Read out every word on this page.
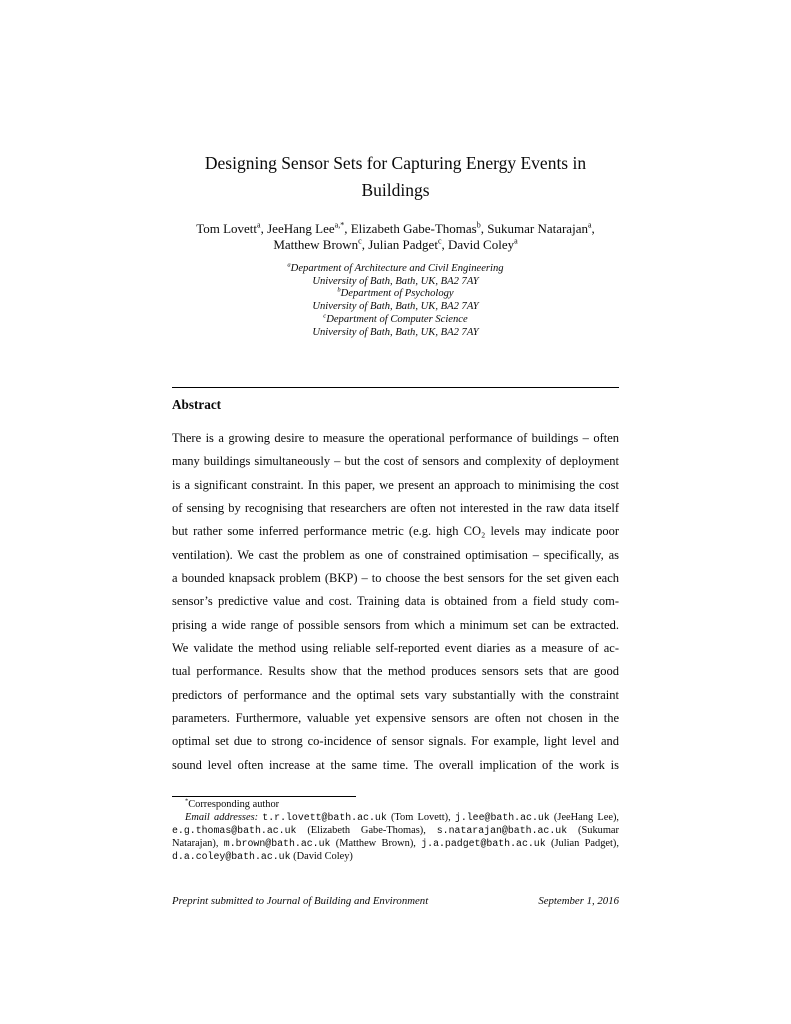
Designing Sensor Sets for Capturing Energy Events in
Buildings
Tom Lovett$^a$, JeeHang Lee$^{a,*}$, Elizabeth Gabe-Thomas$^b$, Sukumar Natarajan$^a$,
Matthew Brown$^c$, Julian Padget$^c$, David Coley$^a$
$^a$Department of Architecture and Civil Engineering
University of Bath, Bath, UK, BA2 7AY
$^b$Department of Psychology
University of Bath, Bath, UK, BA2 7AY
$^c$Department of Computer Science
University of Bath, Bath, UK, BA2 7AY
Abstract
There is a growing desire to measure the operational performance of buildings – often
many buildings simultaneously – but the cost of sensors and complexity of deployment
is a significant constraint. In this paper, we present an approach to minimising the cost
of sensing by recognising that researchers are often not interested in the raw data itself
but rather some inferred performance metric (e.g. high CO₂ levels may indicate poor
ventilation). We cast the problem as one of constrained optimisation – specifically, as
a bounded knapsack problem (BKP) – to choose the best sensors for the set given each
sensor’s predictive value and cost. Training data is obtained from a field study com-
prising a wide range of possible sensors from which a minimum set can be extracted.
We validate the method using reliable self-reported event diaries as a measure of ac-
tual performance. Results show that the method produces sensors sets that are good
predictors of performance and the optimal sets vary substantially with the constraint
parameters. Furthermore, valuable yet expensive sensors are often not chosen in the
optimal set due to strong co-incidence of sensor signals. For example, light level and
sound level often increase at the same time. The overall implication of the work is
*Corresponding author
Email addresses: t.r.lovett@bath.ac.uk (Tom Lovett), j.lee@bath.ac.uk (JeeHang Lee), e.g.thomas@bath.ac.uk (Elizabeth Gabe-Thomas), s.natarajan@bath.ac.uk (Sukumar Natarajan), m.brown@bath.ac.uk (Matthew Brown), j.a.padget@bath.ac.uk (Julian Padget), d.a.coley@bath.ac.uk (David Coley)
Preprint submitted to Journal of Building and Environment	September 1, 2016
